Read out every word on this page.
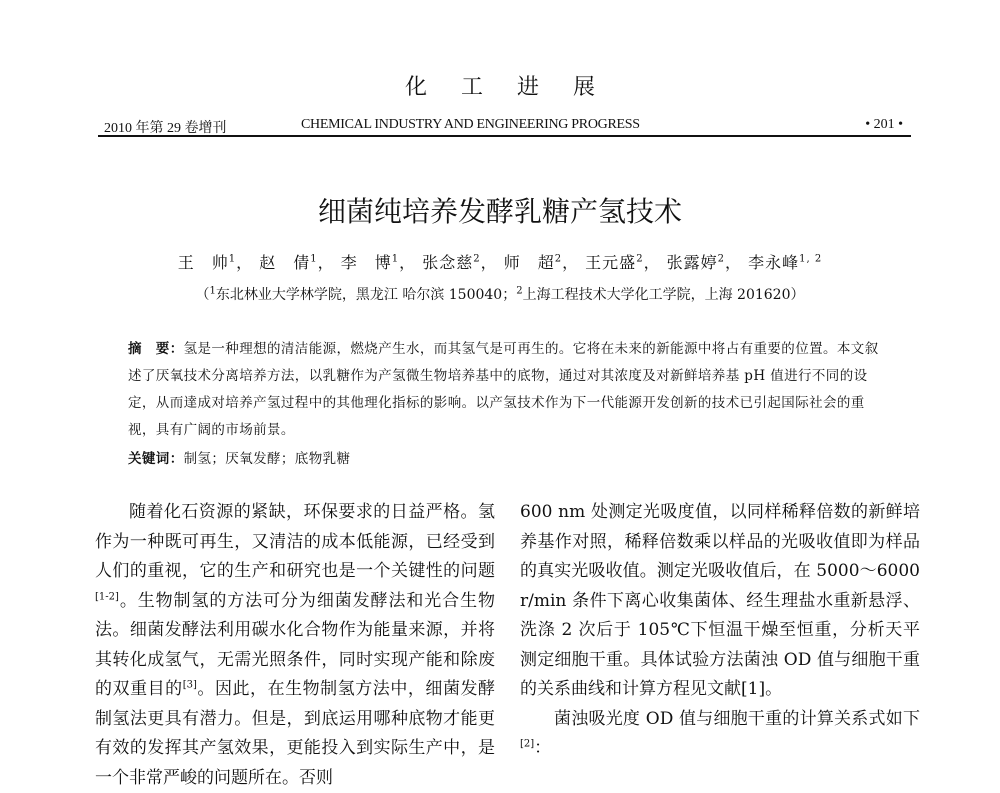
化工进展
2010 年第 29 卷增刊	CHEMICAL INDUSTRY AND ENGINEERING PROGRESS	• 201 •
细菌纯培养发酵乳糖产氢技术
王　帅$^1$， 赵　倩$^1$， 李　博$^1$， 张念慈$^2$， 师　超$^2$， 王元盛$^2$， 张露婷$^2$， 李永峰$^{1, 2}$
（$^1$东北林业大学林学院，黑龙江 哈尔滨 150040；$^2$上海工程技术大学化工学院，上海 201620）
摘　要：氢是一种理想的清洁能源，燃烧产生水，而其氢气是可再生的。它将在未来的新能源中将占有重要的位置。本文叙述了厌氧技术分离培养方法，以乳糖作为产氢微生物培养基中的底物，通过对其浓度及对新鲜培养基 pH 值进行不同的设定，从而達成对培养产氢过程中的其他理化指标的影响。以产氢技术作为下一代能源开发创新的技术已引起国际社会的重视，具有广阔的市场前景。
关键词：制氢；厌氧发酵；底物乳糖

随着化石资源的紧缺，环保要求的日益严格。氢作为一种既可再生，又清洁的成本低能源，已经受到人们的重视，它的生产和研究也是一个关键性的问题[1-2]。生物制氢的方法可分为细菌发酵法和光合生物法。细菌发酵法利用碳水化合物作为能量来源，并将其转化成氢气，无需光照条件，同时实现产能和除废的双重目的[3]。因此，在生物制氢方法中，细菌发酵制氢法更具有潜力。但是，到底运用哪种底物才能更有效的发挥其产氢效果，更能投入到实际生产中，是一个非常严峻的问题所在。否则

600 nm 处测定光吸度值，以同样稀释倍数的新鲜培养基作对照，稀释倍数乘以样品的光吸收值即为样品的真实光吸收值。测定光吸收值后，在 5000～6000 r/min 条件下离心收集菌体、经生理盐水重新悬浮、洗涤 2 次后于 105℃下恒温干燥至恒重，分析天平测定细胞干重。具体试验方法菌浊 OD 值与细胞干重的关系曲线和计算方程见文献[1]。

菌浊吸光度 OD 值与细胞干重的计算关系式如下[2]：
